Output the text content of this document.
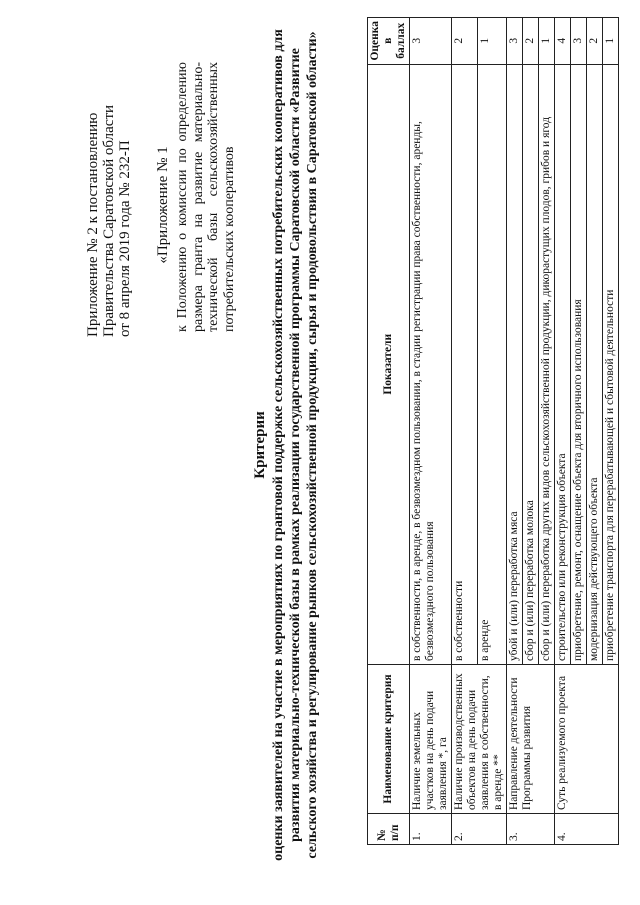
Приложение № 2 к постановлению Правительства Саратовской области от 8 апреля 2019 года № 232-П «Приложение № 1 к Положению о комиссии по определению размера гранта на развитие материально-технической базы сельскохозяйственных потребительских кооперативов
Критерии оценки заявителей на участие в мероприятиях по грантовой поддержке сельскохозяйственных потребительских кооперативов для развития материально-технической базы в рамках реализации государственной программы Саратовской области «Развитие сельского хозяйства и регулирование рынков сельскохозяйственной продукции, сырья и продовольствия в Саратовской области»	№ п/п	Наименование критерия	Показатели	Оценка в баллах
1.	Наличие земельных участков на день подачи заявления *, га	в собственности, в аренде, в безвозмездном пользовании, в стадии регистрации права собственности, аренды, безвозмездного пользования	3
2.	Наличие производственных объектов на день подачи заявления в собственности, в аренде **	в собственности	2
		в аренде	1
3.	Направление деятельности Программы развития	убой и (или) переработка мяса	3
		сбор и (или) переработка молока	2
		сбор и (или) переработка других видов сельскохозяйственной продукции, дикорастущих плодов, грибов и ягод	1
4.	Суть реализуемого проекта	строительство или реконструкция объекта	4
		приобретение, ремонт, оснащение объекта для вторичного использования	3
		модернизация действующего объекта	2
		приобретение транспорта для перерабатывающей и сбытовой деятельности	1
